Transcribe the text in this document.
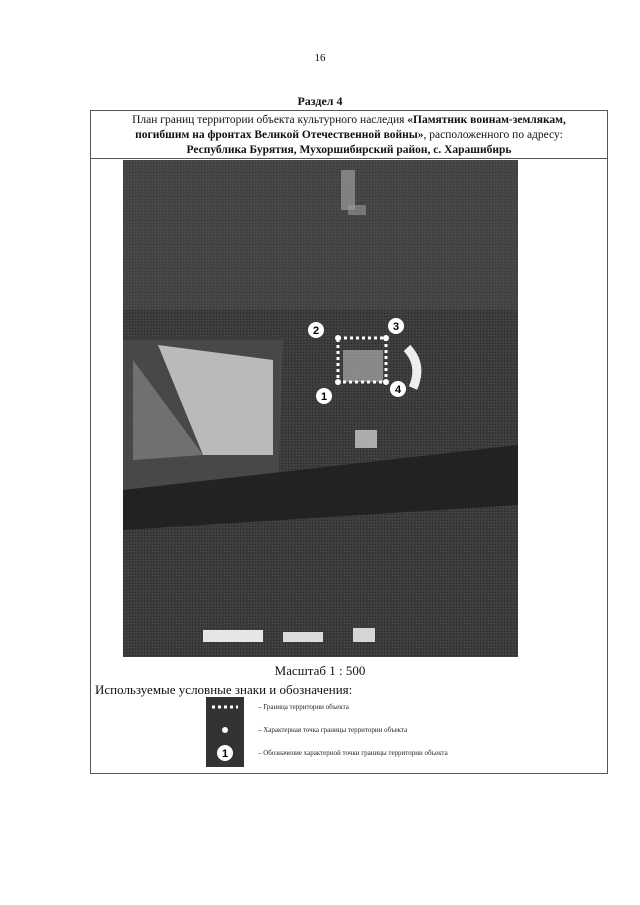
16
Раздел 4
План границ территории объекта культурного наследия «Памятник воинам-землякам,
погибшим на фронтах Великой Отечественной войны», расположенного по адресу:
Республика Бурятия, Мухоршибирский район, с. Харашибирь
1
2	3
4
Масштаб 1 : 500
Используемые условные знаки и обозначения:
1
– Граница территории объекта
– Характерная точка границы территории объекта
– Обозначение характерной точки границы территории объекта
